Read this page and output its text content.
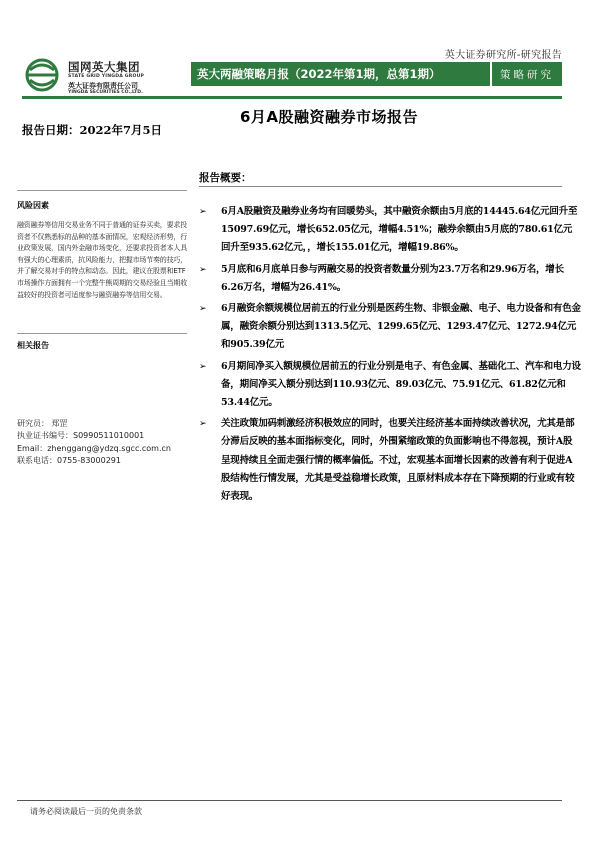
英大证券研究所-研究报告
国网英大集团
STATE GRID YINGDA GROUP
英大证券有限责任公司
YINGDA SECURITIES CO.,LTD.
英大两融策略月报（2022年第1期，总第1期）	策略研究
报告日期：2022年7月5日
6月A股融资融券市场报告
报告概要：
风险因素
融资融券等信用交易业务不同于普通的证券买卖，要求投资者不仅熟悉标的品种的基本面情况，宏观经济形势，行业政策发展，国内外金融市场变化，还要求投资者本人具有强大的心理素质，抗风险能力，把握市场节奏的技巧，并了解交易对手的特点和动态。因此，建议在股票和ETF市场操作方面拥有一个完整牛熊周期的交易经验且当期收益较好的投资者可适度参与融资融券等信用交易。
相关报告
研究员： 郑罡
执业证书编号：S0990511010001
Email：zhenggang@ydzq.sgcc.com.cn
联系电话：0755-83000291
➢ 6月A股融资及融券业务均有回暖势头，其中融资余额由5月底的14445.64亿元回升至15097.69亿元，增长652.05亿元，增幅4.51%；融券余额由5月底的780.61亿元回升至935.62亿元，，增长155.01亿元，增幅19.86%。
➢ 5月底和6月底单日参与两融交易的投资者数量分别为23.7万名和29.96万名，增长6.26万名，增幅为26.41%。
➢ 6月融资余额规模位居前五的行业分别是医药生物、非银金融、电子、电力设备和有色金属，融资余额分别达到1313.5亿元、1299.65亿元、1293.47亿元、1272.94亿元和905.39亿元
➢ 6月期间净买入额规模位居前五的行业分别是电子、有色金属、基础化工、汽车和电力设备，期间净买入额分别达到110.93亿元、89.03亿元、75.91亿元、61.82亿元和53.44亿元。
➢ 关注政策加码刺激经济积极效应的同时，也要关注经济基本面持续改善状况，尤其是部分滞后反映的基本面指标变化，同时，外围紧缩政策的负面影响也不得忽视，预计A股呈现持续且全面走强行情的概率偏低。不过，宏观基本面增长因素的改善有利于促进A股结构性行情发展，尤其是受益稳增长政策，且原材料成本存在下降预期的行业或有较好表现。
请务必阅读最后一页的免责条款
